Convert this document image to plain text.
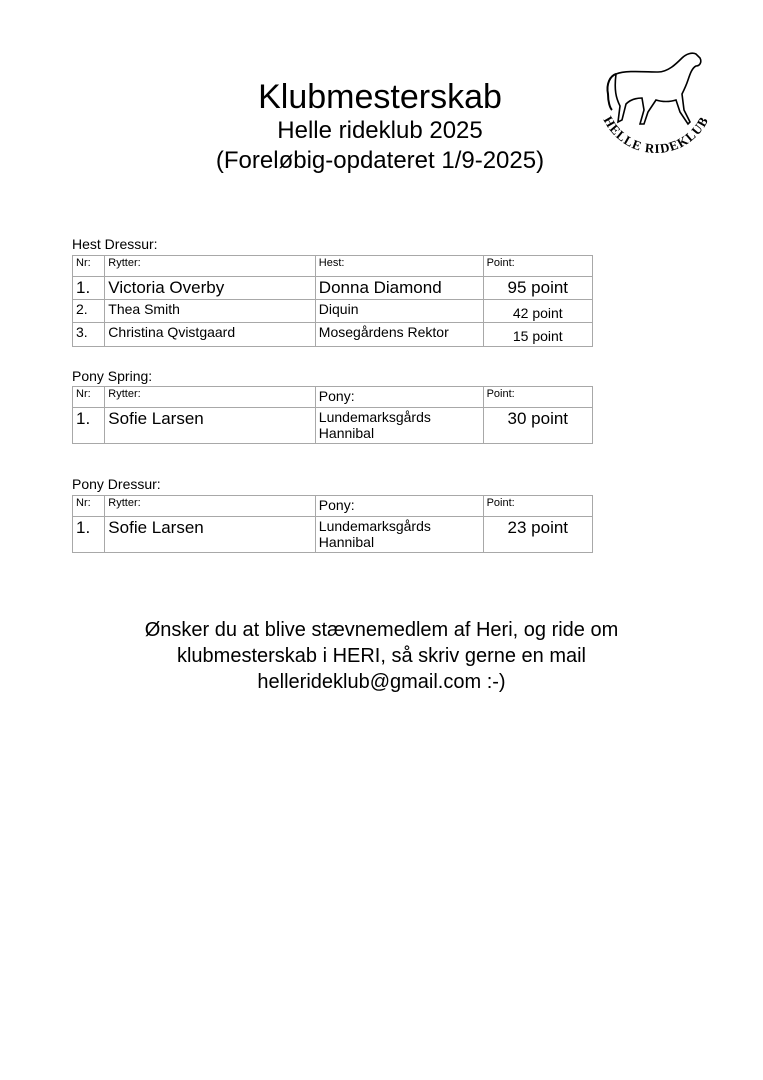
Klubmesterskab
Helle rideklub 2025
(Foreløbig-opdateret 1/9-2025)
HELLE RIDEKLUB
Hest Dressur:
Nr:	Rytter:	Hest:	Point:
1.	Victoria Overby	Donna Diamond	95 point
2.	Thea Smith	Diquin	42 point
3.	Christina Qvistgaard	Mosegårdens Rektor	15 point
Pony Spring:
Nr:	Rytter:	Pony:	Point:
1.	Sofie Larsen	Lundemarksgårds Hannibal	30 point
Pony Dressur:
Nr:	Rytter:	Pony:	Point:
1.	Sofie Larsen	Lundemarksgårds Hannibal	23 point
Ønsker du at blive stævnemedlem af Heri, og ride om
klubmesterskab i HERI, så skriv gerne en mail
hellerideklub@gmail.com :-)
